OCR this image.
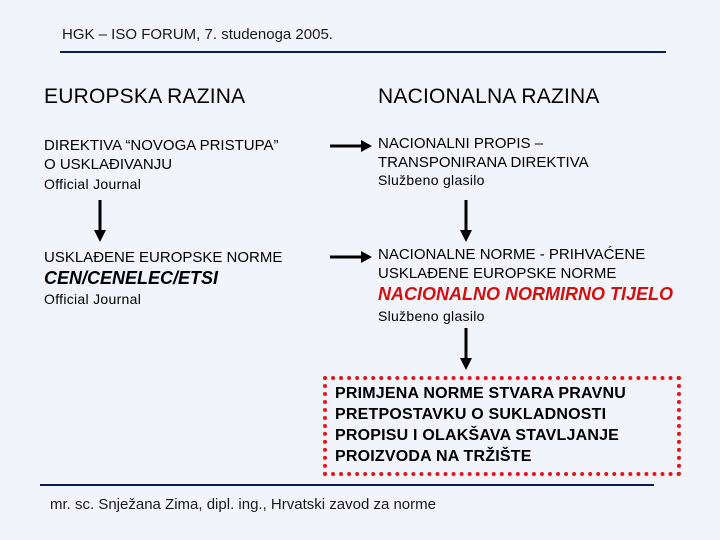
HGK – ISO FORUM, 7. studenoga 2005.
EUROPSKA RAZINA	NACIONALNA RAZINA
DIREKTIVA “NOVOGA PRISTUPA”
O USKLAĐIVANJU
Official Journal
NACIONALNI PROPIS –
TRANSPONIRANA DIREKTIVA
Službeno glasilo
USKLAĐENE EUROPSKE NORME
CEN/CENELEC/ETSI
Official Journal
NACIONALNE NORME - PRIHVAĆENE
USKLAĐENE EUROPSKE NORME
NACIONALNO NORMIRNO TIJELO
Službeno glasilo
PRIMJENA NORME STVARA PRAVNU
PRETPOSTAVKU O SUKLADNOSTI
PROPISU I OLAKŠAVA STAVLJANJE
PROIZVODA NA TRŽIŠTE
mr. sc. Snježana Zima, dipl. ing., Hrvatski zavod za norme
